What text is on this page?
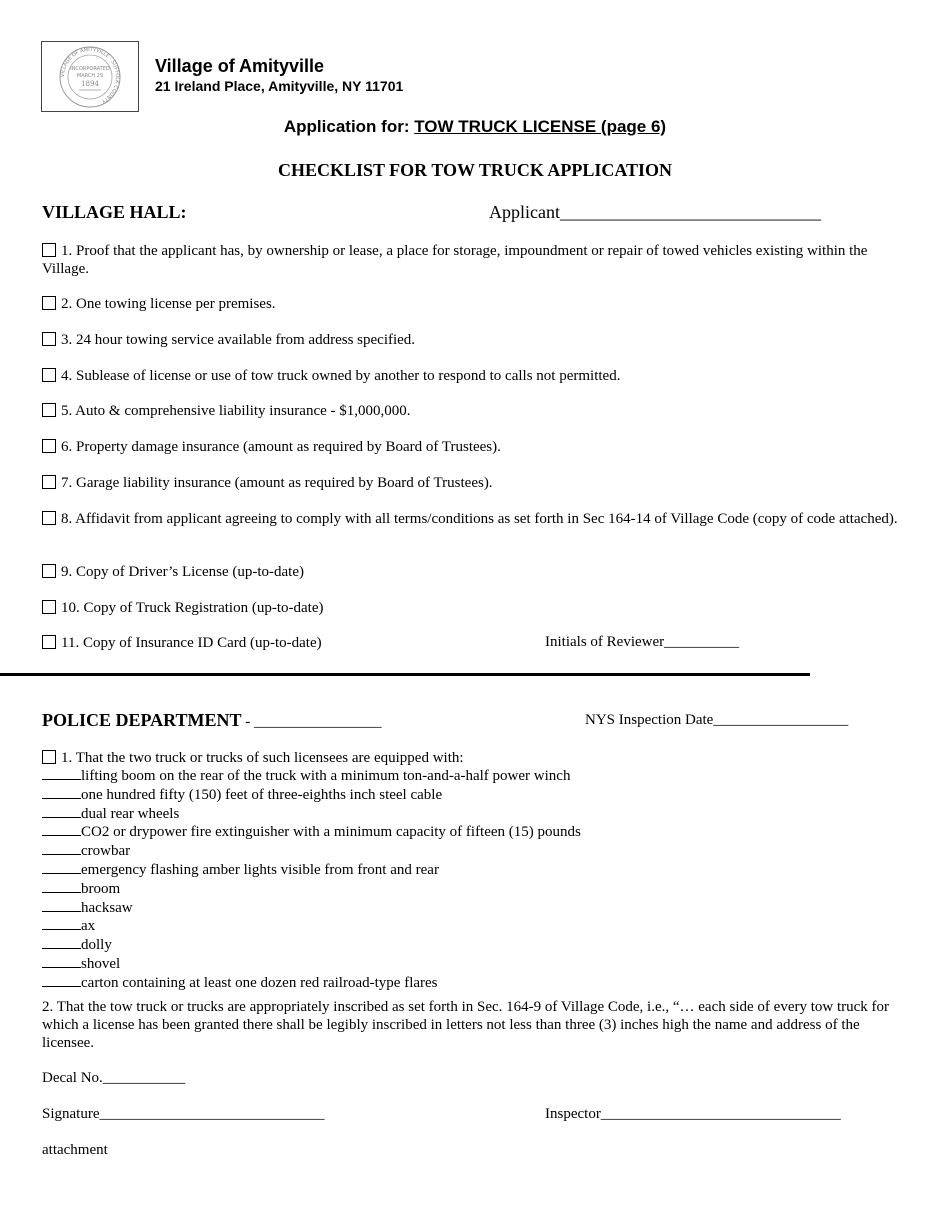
VILLAGE OF AMITYVILLE · SUFFOLK COUNTY
INCORPORATED
MARCH 29
1894
Village of Amityville
21 Ireland Place, Amityville, NY 11701
Application for: TOW TRUCK LICENSE (page 6)
CHECKLIST FOR TOW TRUCK APPLICATION
VILLAGE HALL:	Applicant_____________________________
1. Proof that the applicant has, by ownership or lease, a place for storage, impoundment or repair of towed vehicles existing within the Village.
2. One towing license per premises.
3. 24 hour towing service available from address specified.
4. Sublease of license or use of tow truck owned by another to respond to calls not permitted.
5. Auto & comprehensive liability insurance - $1,000,000.
6. Property damage insurance (amount as required by Board of Trustees).
7. Garage liability insurance (amount as required by Board of Trustees).
8. Affidavit from applicant agreeing to comply with all terms/conditions as set forth in Sec 164-14 of Village Code (copy of code attached).
9. Copy of Driver’s License (up-to-date)
10. Copy of Truck Registration (up-to-date)
11. Copy of Insurance ID Card (up-to-date)	Initials of Reviewer__________
POLICE DEPARTMENT - _________________	NYS Inspection Date__________________
1. That the two truck or trucks of such licensees are equipped with:
lifting boom on the rear of the truck with a minimum ton-and-a-half power winch
one hundred fifty (150) feet of three-eighths inch steel cable
dual rear wheels
CO2 or drypower fire extinguisher with a minimum capacity of fifteen (15) pounds
crowbar
emergency flashing amber lights visible from front and rear
broom
hacksaw
ax
dolly
shovel
carton containing at least one dozen red railroad-type flares
2. That the tow truck or trucks are appropriately inscribed as set forth in Sec. 164-9 of Village Code, i.e., “… each side of every tow truck for which a license has been granted there shall be legibly inscribed in letters not less than three (3) inches high the name and address of the licensee.
Decal No.___________
Signature______________________________	Inspector________________________________
attachment
